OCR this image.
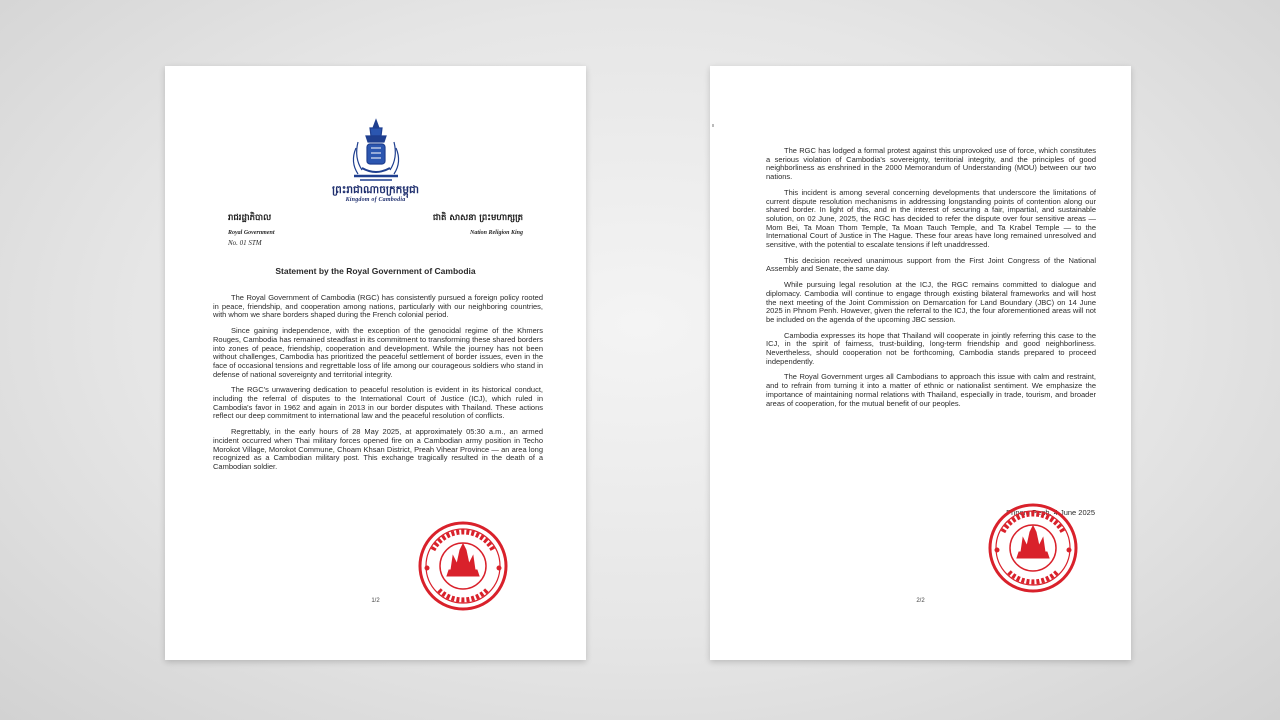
ព្រះរាជាណាចក្រកម្ពុជា
Kingdom of Cambodia
រាជរដ្ឋាភិបាល
Royal Government
No. 01 STM
ជាតិ សាសនា ព្រះមហាក្សត្រ
Nation Religion King
Statement by the Royal Government of Cambodia

The Royal Government of Cambodia (RGC) has consistently pursued a foreign policy rooted in peace, friendship, and cooperation among nations, particularly with our neighboring countries, with whom we share borders shaped during the French colonial period.

Since gaining independence, with the exception of the genocidal regime of the Khmers Rouges, Cambodia has remained steadfast in its commitment to transforming these shared borders into zones of peace, friendship, cooperation and development. While the journey has not been without challenges, Cambodia has prioritized the peaceful settlement of border issues, even in the face of occasional tensions and regrettable loss of life among our courageous soldiers who stand in defense of national sovereignty and territorial integrity.

The RGC's unwavering dedication to peaceful resolution is evident in its historical conduct, including the referral of disputes to the International Court of Justice (ICJ), which ruled in Cambodia's favor in 1962 and again in 2013 in our border disputes with Thailand. These actions reflect our deep commitment to international law and the peaceful resolution of conflicts.

Regrettably, in the early hours of 28 May 2025, at approximately 05:30 a.m., an armed incident occurred when Thai military forces opened fire on a Cambodian army position in Techo Morokot Village, Morokot Commune, Choam Khsan District, Preah Vihear Province — an area long recognized as a Cambodian military post. This exchange tragically resulted in the death of a Cambodian soldier.

1/2

The RGC has lodged a formal protest against this unprovoked use of force, which constitutes a serious violation of Cambodia's sovereignty, territorial integrity, and the principles of good neighborliness as enshrined in the 2000 Memorandum of Understanding (MOU) between our two nations.

This incident is among several concerning developments that underscore the limitations of current dispute resolution mechanisms in addressing longstanding points of contention along our shared border. In light of this, and in the interest of securing a fair, impartial, and sustainable solution, on 02 June, 2025, the RGC has decided to refer the dispute over four sensitive areas — Mom Bei, Ta Moan Thom Temple, Ta Moan Tauch Temple, and Ta Krabel Temple — to the International Court of Justice in The Hague. These four areas have long remained unresolved and sensitive, with the potential to escalate tensions if left unaddressed.

This decision received unanimous support from the First Joint Congress of the National Assembly and Senate, the same day.

While pursuing legal resolution at the ICJ, the RGC remains committed to dialogue and diplomacy. Cambodia will continue to engage through existing bilateral frameworks and will host the next meeting of the Joint Commission on Demarcation for Land Boundary (JBC) on 14 June 2025 in Phnom Penh. However, given the referral to the ICJ, the four aforementioned areas will not be included on the agenda of the upcoming JBC session.

Cambodia expresses its hope that Thailand will cooperate in jointly referring this case to the ICJ, in the spirit of fairness, trust-building, long-term friendship and good neighborliness. Nevertheless, should cooperation not be forthcoming, Cambodia stands prepared to proceed independently.

The Royal Government urges all Cambodians to approach this issue with calm and restraint, and to refrain from turning it into a matter of ethnic or nationalist sentiment. We emphasize the importance of maintaining normal relations with Thailand, especially in trade, tourism, and broader areas of cooperation, for the mutual benefit of our peoples.

Phnom Penh, 4 June 2025
2/2
